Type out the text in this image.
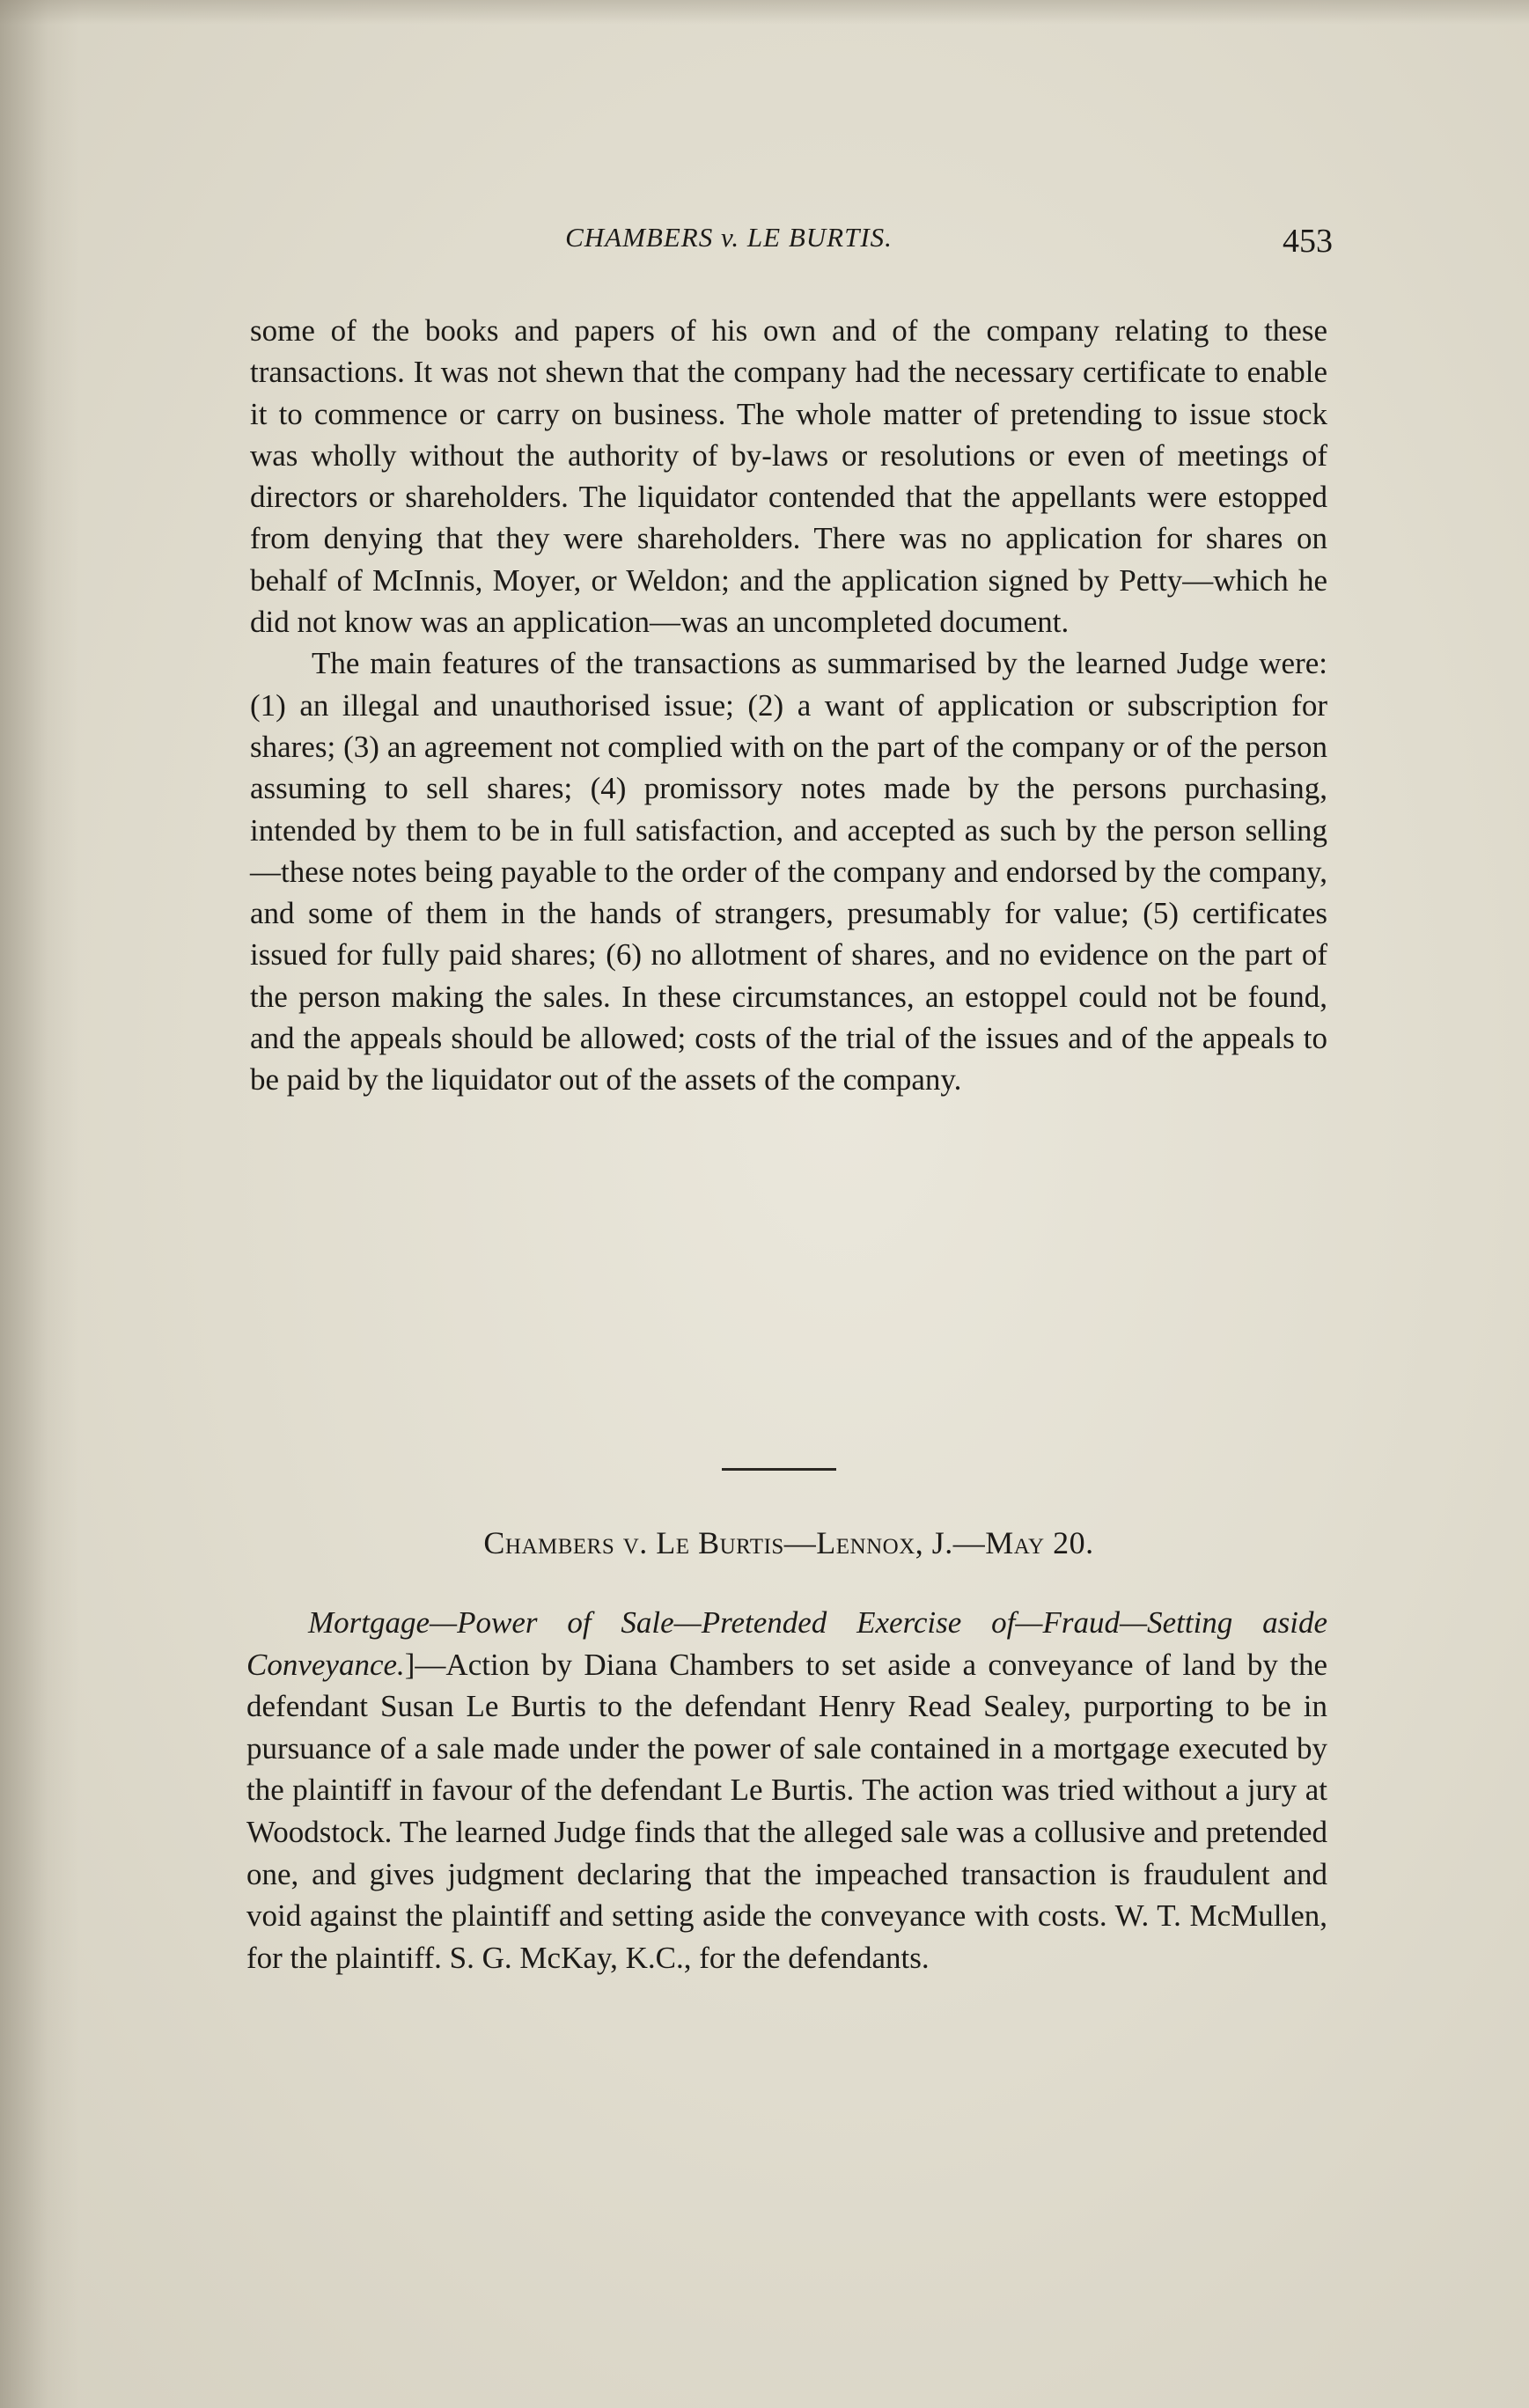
CHAMBERS v. LE BURTIS.	453

some of the books and papers of his own and of the company relating to these transactions. It was not shewn that the company had the necessary certificate to enable it to commence or carry on business. The whole matter of pretending to issue stock was wholly without the authority of by-laws or resolutions or even of meetings of directors or shareholders. The liquidator contended that the appellants were estopped from denying that they were shareholders. There was no application for shares on behalf of McInnis, Moyer, or Weldon; and the application signed by Petty—which he did not know was an application—was an uncompleted document.

The main features of the transactions as summarised by the learned Judge were: (1) an illegal and unauthorised issue; (2) a want of application or subscription for shares; (3) an agreement not complied with on the part of the company or of the person assuming to sell shares; (4) promissory notes made by the persons purchasing, intended by them to be in full satisfaction, and accepted as such by the person selling—these notes being payable to the order of the company and endorsed by the company, and some of them in the hands of strangers, presumably for value; (5) certificates issued for fully paid shares; (6) no allotment of shares, and no evidence on the part of the person making the sales. In these circumstances, an estoppel could not be found, and the appeals should be allowed; costs of the trial of the issues and of the appeals to be paid by the liquidator out of the assets of the company.

Chambers v. Le Burtis—Lennox, J.—May 20.

Mortgage—Power of Sale—Pretended Exercise of—Fraud—Setting aside Conveyance.]—Action by Diana Chambers to set aside a conveyance of land by the defendant Susan Le Burtis to the defendant Henry Read Sealey, purporting to be in pursuance of a sale made under the power of sale contained in a mortgage executed by the plaintiff in favour of the defendant Le Burtis. The action was tried without a jury at Woodstock. The learned Judge finds that the alleged sale was a collusive and pretended one, and gives judgment declaring that the impeached transaction is fraudulent and void against the plaintiff and setting aside the conveyance with costs. W. T. McMullen, for the plaintiff. S. G. McKay, K.C., for the defendants.
